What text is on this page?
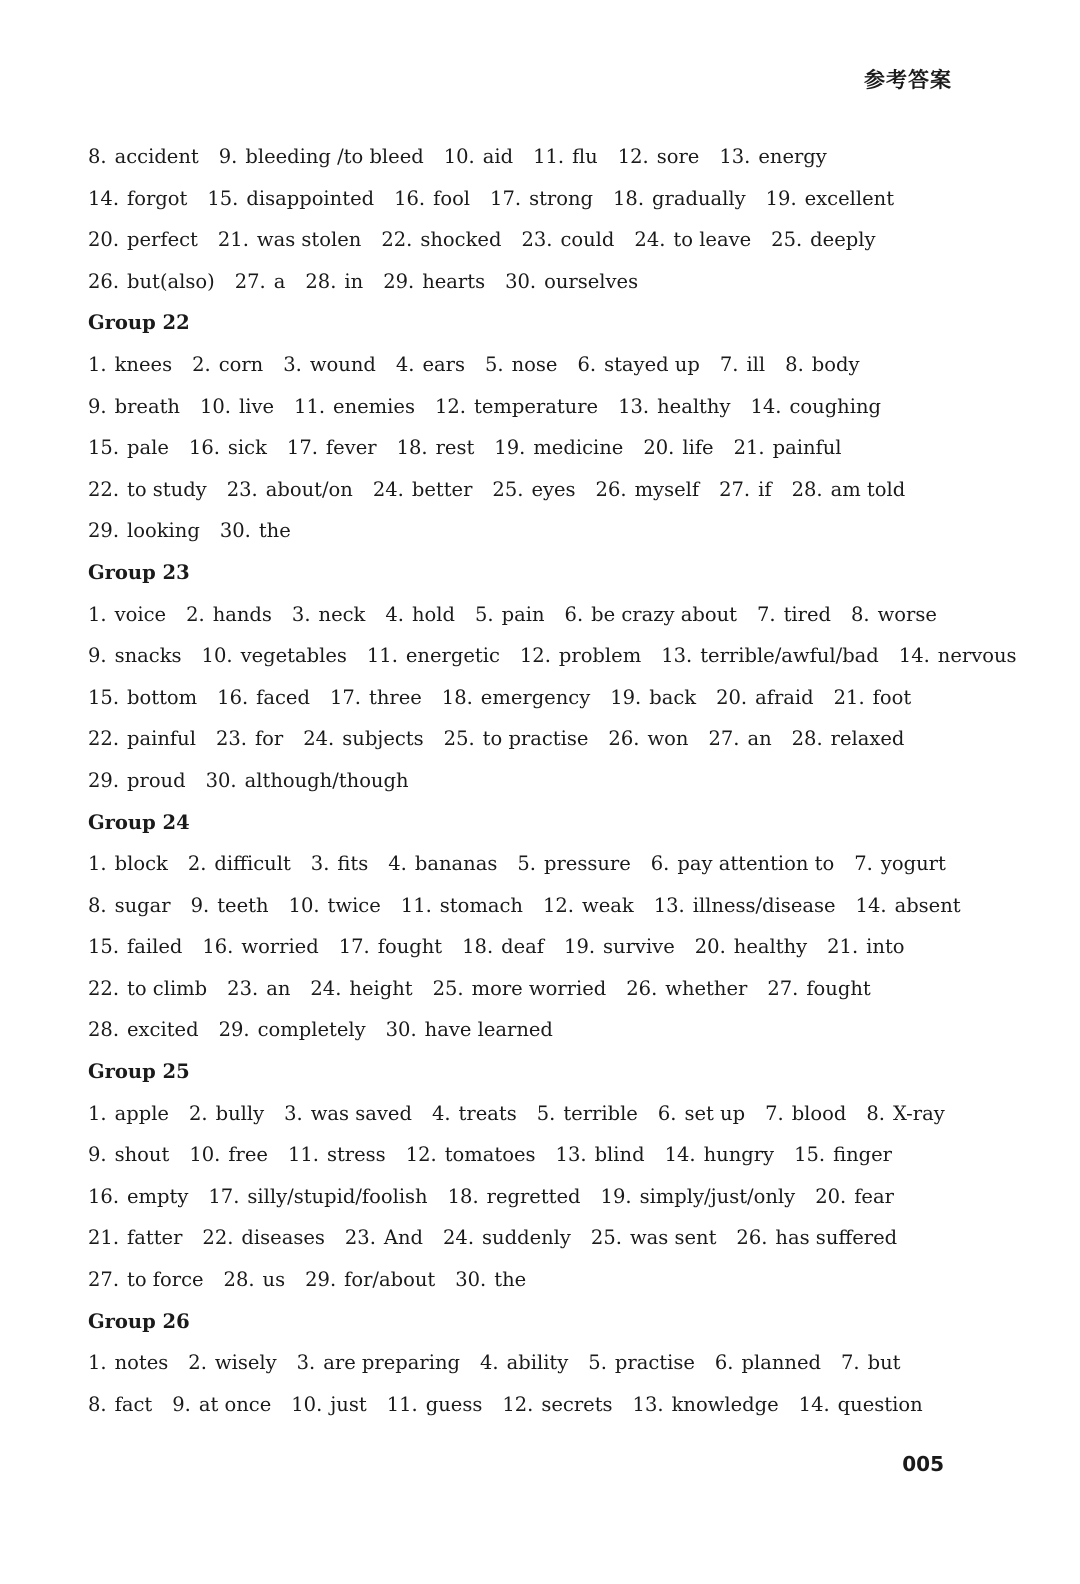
参考答案
8. accident 9. bleeding /to bleed 10. aid 11. flu 12. sore 13. energy
14. forgot 15. disappointed 16. fool 17. strong 18. gradually 19. excellent
20. perfect 21. was stolen 22. shocked 23. could 24. to leave 25. deeply
26. but(also) 27. a 28. in 29. hearts 30. ourselves
Group 22
1. knees 2. corn 3. wound 4. ears 5. nose 6. stayed up 7. ill 8. body
9. breath 10. live 11. enemies 12. temperature 13. healthy 14. coughing
15. pale 16. sick 17. fever 18. rest 19. medicine 20. life 21. painful
22. to study 23. about/on 24. better 25. eyes 26. myself 27. if 28. am told
29. looking 30. the
Group 23
1. voice 2. hands 3. neck 4. hold 5. pain 6. be crazy about 7. tired 8. worse
9. snacks 10. vegetables 11. energetic 12. problem 13. terrible/awful/bad 14. nervous
15. bottom 16. faced 17. three 18. emergency 19. back 20. afraid 21. foot
22. painful 23. for 24. subjects 25. to practise 26. won 27. an 28. relaxed
29. proud 30. although/though
Group 24
1. block 2. difficult 3. fits 4. bananas 5. pressure 6. pay attention to 7. yogurt
8. sugar 9. teeth 10. twice 11. stomach 12. weak 13. illness/disease 14. absent
15. failed 16. worried 17. fought 18. deaf 19. survive 20. healthy 21. into
22. to climb 23. an 24. height 25. more worried 26. whether 27. fought
28. excited 29. completely 30. have learned
Group 25
1. apple 2. bully 3. was saved 4. treats 5. terrible 6. set up 7. blood 8. X-ray
9. shout 10. free 11. stress 12. tomatoes 13. blind 14. hungry 15. finger
16. empty 17. silly/stupid/foolish 18. regretted 19. simply/just/only 20. fear
21. fatter 22. diseases 23. And 24. suddenly 25. was sent 26. has suffered
27. to force 28. us 29. for/about 30. the
Group 26
1. notes 2. wisely 3. are preparing 4. ability 5. practise 6. planned 7. but
8. fact 9. at once 10. just 11. guess 12. secrets 13. knowledge 14. question
005
